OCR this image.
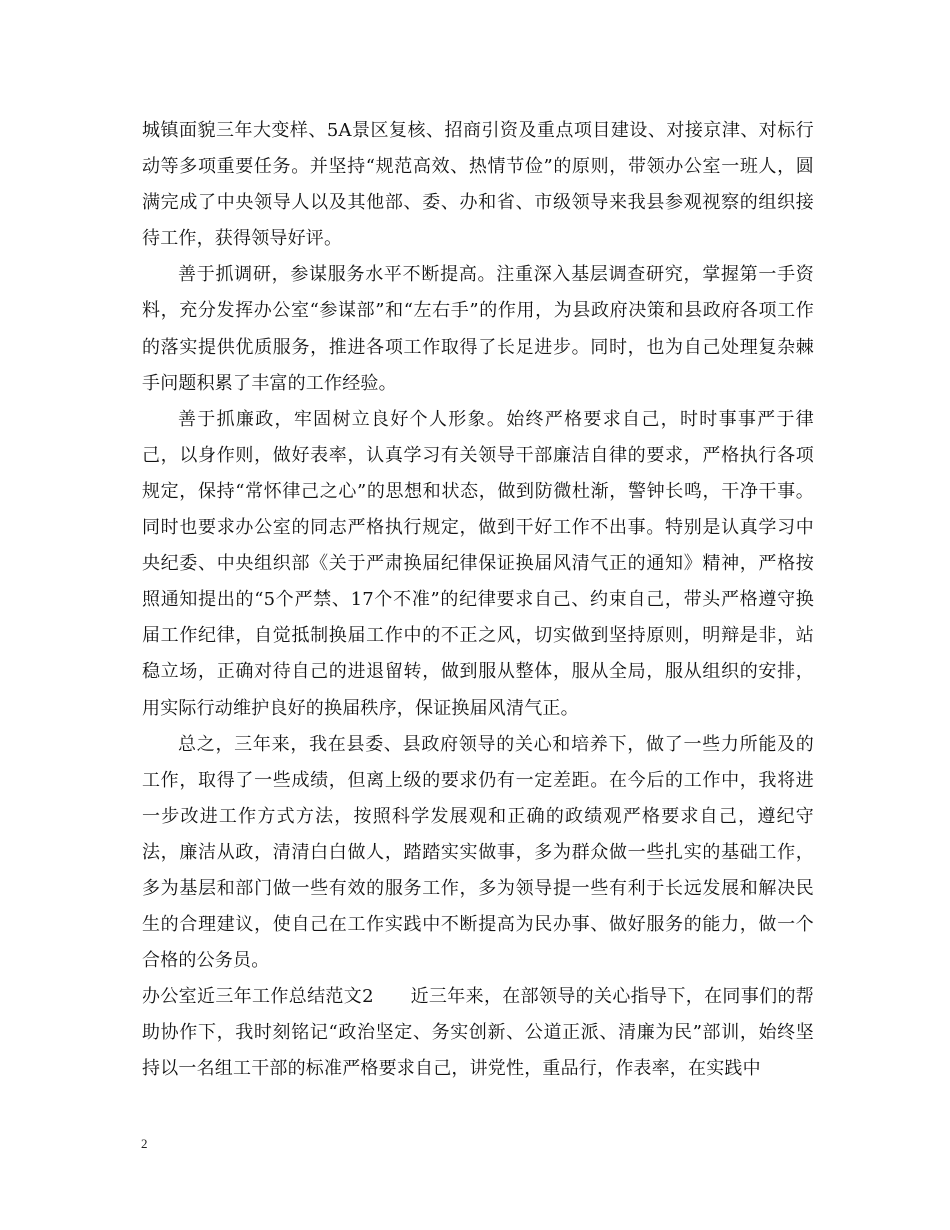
城镇面貌三年大变样、5A景区复核、招商引资及重点项目建设、对接京津、对标行动等多项重要任务。并坚持“规范高效、热情节俭”的原则，带领办公室一班人，圆满完成了中央领导人以及其他部、委、办和省、市级领导来我县参观视察的组织接待工作，获得领导好评。

善于抓调研，参谋服务水平不断提高。注重深入基层调查研究，掌握第一手资料，充分发挥办公室“参谋部”和“左右手”的作用，为县政府决策和县政府各项工作的落实提供优质服务，推进各项工作取得了长足进步。同时，也为自己处理复杂棘手问题积累了丰富的工作经验。

善于抓廉政，牢固树立良好个人形象。始终严格要求自己，时时事事严于律己，以身作则，做好表率，认真学习有关领导干部廉洁自律的要求，严格执行各项规定，保持“常怀律己之心”的思想和状态，做到防微杜渐，警钟长鸣，干净干事。同时也要求办公室的同志严格执行规定，做到干好工作不出事。特别是认真学习中央纪委、中央组织部《关于严肃换届纪律保证换届风清气正的通知》精神，严格按照通知提出的“5个严禁、17个不准”的纪律要求自己、约束自己，带头严格遵守换届工作纪律，自觉抵制换届工作中的不正之风，切实做到坚持原则，明辩是非，站稳立场，正确对待自己的进退留转，做到服从整体，服从全局，服从组织的安排，用实际行动维护良好的换届秩序，保证换届风清气正。

总之，三年来，我在县委、县政府领导的关心和培养下，做了一些力所能及的工作，取得了一些成绩，但离上级的要求仍有一定差距。在今后的工作中，我将进一步改进工作方式方法，按照科学发展观和正确的政绩观严格要求自己，遵纪守法，廉洁从政，清清白白做人，踏踏实实做事，多为群众做一些扎实的基础工作，多为基层和部门做一些有效的服务工作，多为领导提一些有利于长远发展和解决民生的合理建议，使自己在工作实践中不断提高为民办事、做好服务的能力，做一个合格的公务员。

办公室近三年工作总结范文2　　近三年来，在部领导的关心指导下，在同事们的帮助协作下，我时刻铭记“政治坚定、务实创新、公道正派、清廉为民”部训，始终坚持以一名组工干部的标准严格要求自己，讲党性，重品行，作表率，在实践中

2
